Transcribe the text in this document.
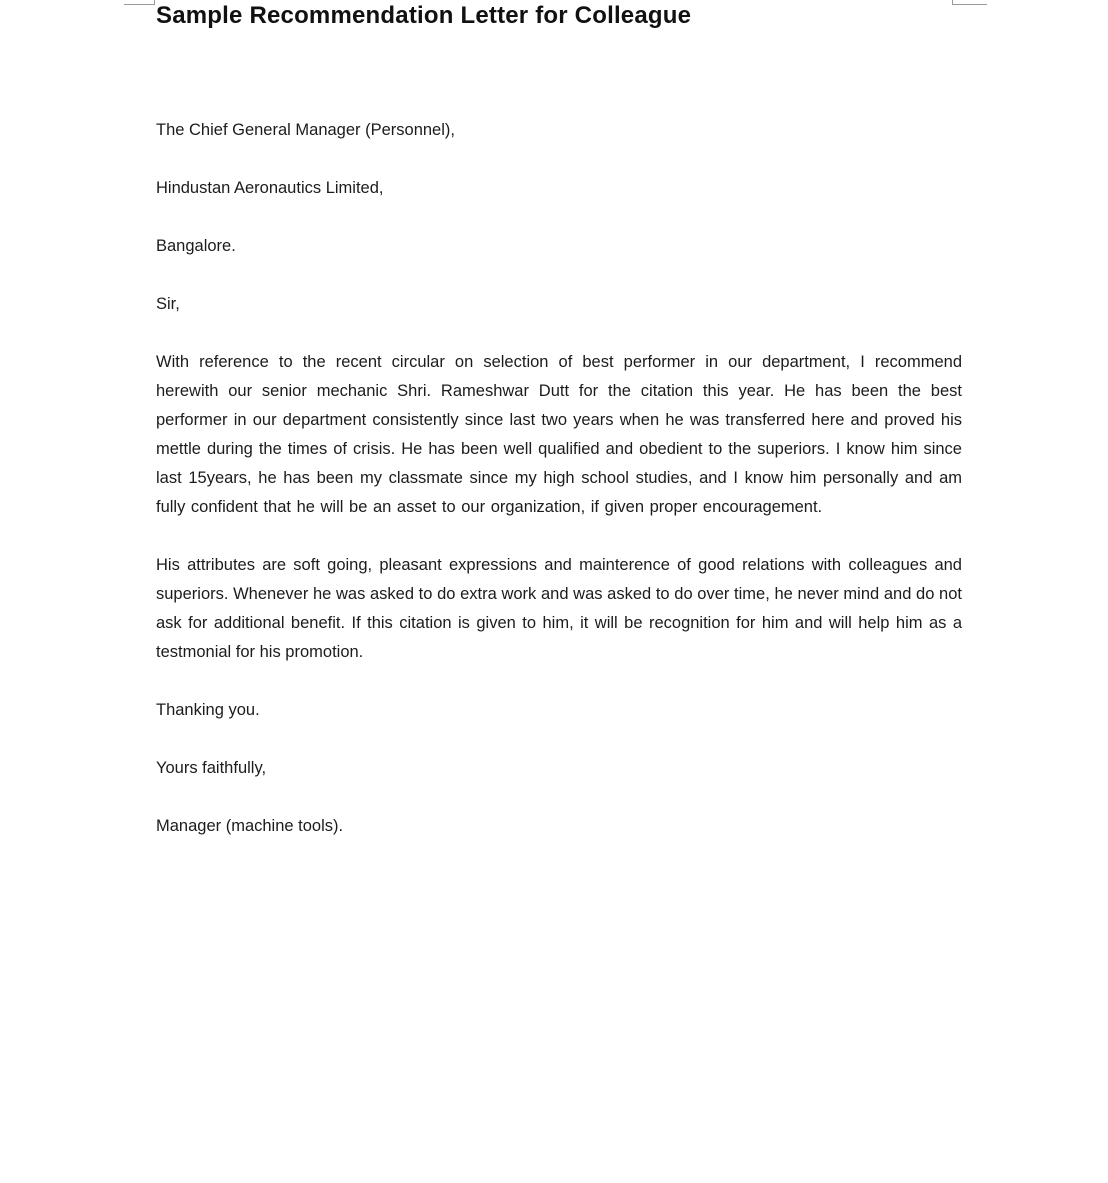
Sample Recommendation Letter for Colleague

The Chief General Manager (Personnel),

Hindustan Aeronautics Limited,

Bangalore.

Sir,

With reference to the recent circular on selection of best performer in our department, I recommend herewith our senior mechanic Shri. Rameshwar Dutt for the citation this year. He has been the best performer in our department consistently since last two years when he was transferred here and proved his mettle during the times of crisis. He has been well qualified and obedient to the superiors. I know him since last 15years, he has been my classmate since my high school studies, and I know him personally and am fully confident that he will be an asset to our organization, if given proper encouragement.

His attributes are soft going, pleasant expressions and mainterence of good relations with colleagues and superiors. Whenever he was asked to do extra work and was asked to do over time, he never mind and do not ask for additional benefit. If this citation is given to him, it will be recognition for him and will help him as a testmonial for his promotion.

Thanking you.

Yours faithfully,

Manager (machine tools).
